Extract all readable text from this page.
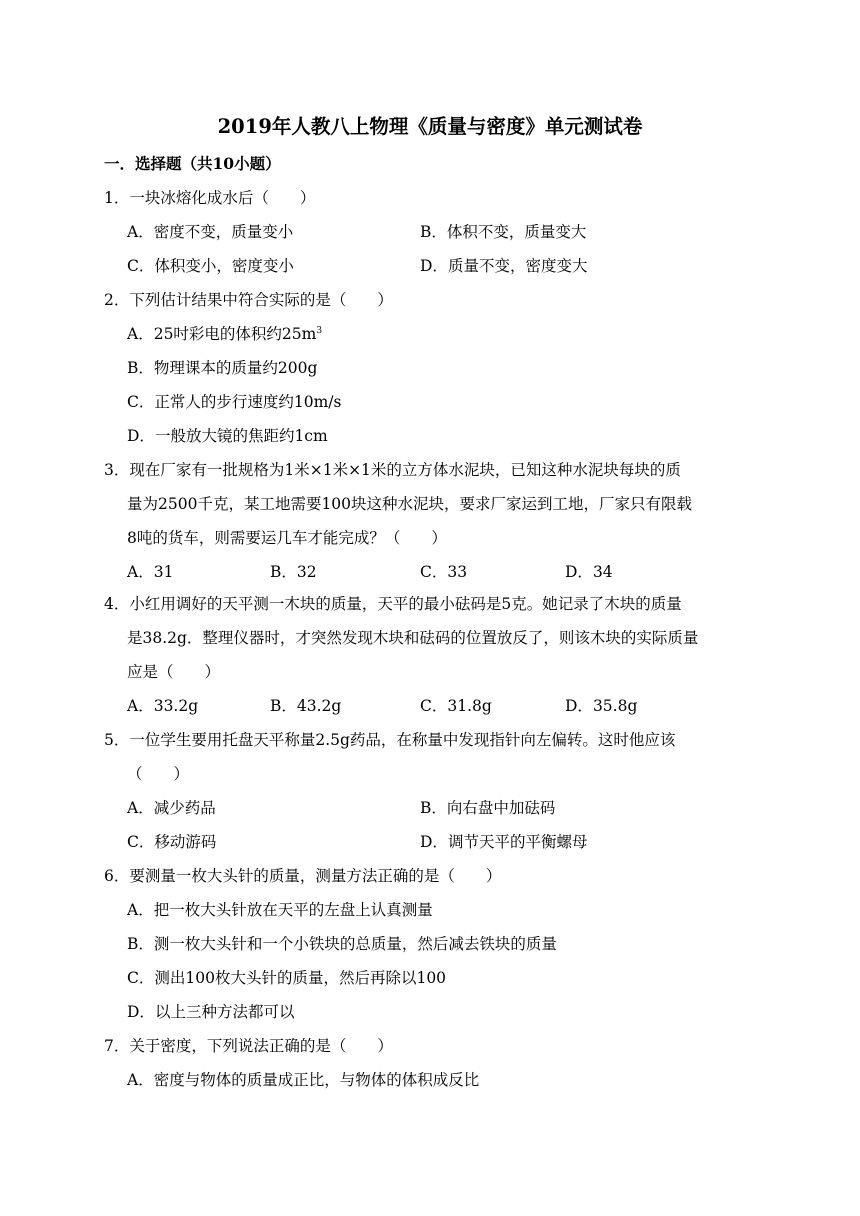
2019年人教八上物理《质量与密度》单元测试卷
一．选择题（共10小题）
1．一块冰熔化成水后（　　）
A．密度不变，质量变小	B．体积不变，质量变大
C．体积变小，密度变小	D．质量不变，密度变大
2．下列估计结果中符合实际的是（　　）
A．25吋彩电的体积约$25m^3$
B．物理课本的质量约200g
C．正常人的步行速度约10m/s
D．一般放大镜的焦距约1cm
3．现在厂家有一批规格为1米×1米×1米的立方体水泥块，已知这种水泥块每块的质
量为2500千克，某工地需要100块这种水泥块，要求厂家运到工地，厂家只有限载
8吨的货车，则需要运几车才能完成？（　　）
A．31	B．32	C．33	D．34
4．小红用调好的天平测一木块的质量，天平的最小砝码是5克。她记录了木块的质量
是38.2g．整理仪器时，才突然发现木块和砝码的位置放反了，则该木块的实际质量
应是（　　）
A．33.2g	B．43.2g	C．31.8g	D．35.8g
5．一位学生要用托盘天平称量2.5g药品，在称量中发现指针向左偏转。这时他应该
（　　）
A．减少药品	B．向右盘中加砝码
C．移动游码	D．调节天平的平衡螺母
6．要测量一枚大头针的质量，测量方法正确的是（　　）
A．把一枚大头针放在天平的左盘上认真测量
B．测一枚大头针和一个小铁块的总质量，然后减去铁块的质量
C．测出100枚大头针的质量，然后再除以100
D．以上三种方法都可以
7．关于密度，下列说法正确的是（　　）
A．密度与物体的质量成正比，与物体的体积成反比
